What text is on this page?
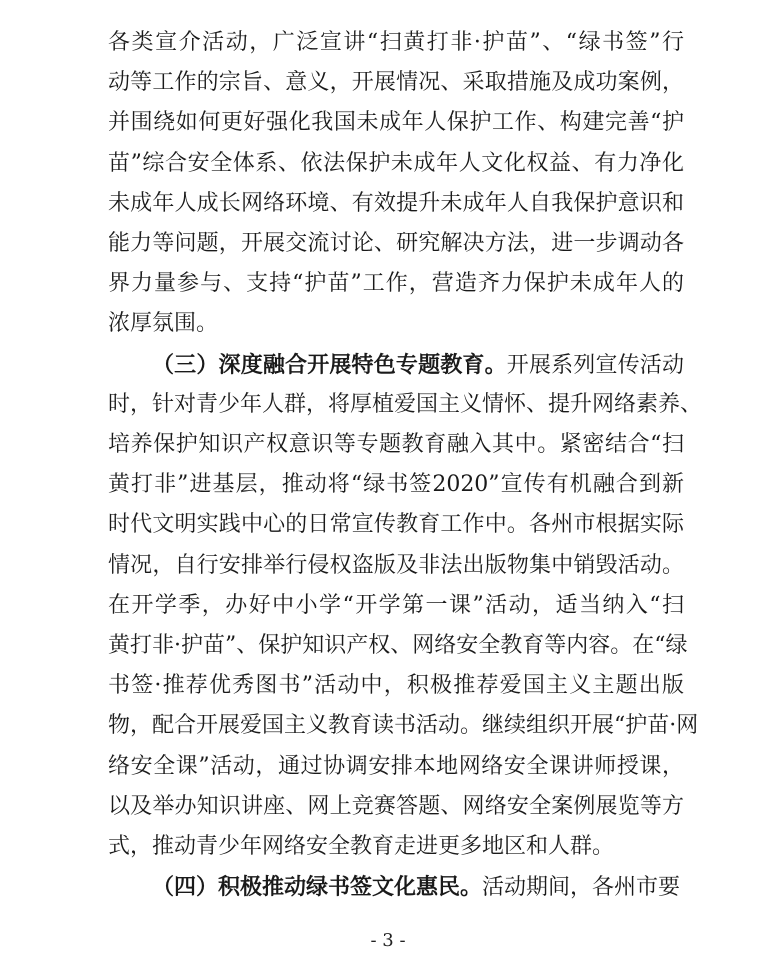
各类宣介活动，广泛宣讲“扫黄打非·护苗”、“绿书签”行
动等工作的宗旨、意义，开展情况、采取措施及成功案例，
并围绕如何更好强化我国未成年人保护工作、构建完善“护
苗”综合安全体系、依法保护未成年人文化权益、有力净化
未成年人成长网络环境、有效提升未成年人自我保护意识和
能力等问题，开展交流讨论、研究解决方法，进一步调动各
界力量参与、支持“护苗”工作，营造齐力保护未成年人的
浓厚氛围。
（三）深度融合开展特色专题教育。开展系列宣传活动
时，针对青少年人群，将厚植爱国主义情怀、提升网络素养、
培养保护知识产权意识等专题教育融入其中。紧密结合“扫
黄打非”进基层，推动将“绿书签2020”宣传有机融合到新
时代文明实践中心的日常宣传教育工作中。各州市根据实际
情况，自行安排举行侵权盗版及非法出版物集中销毁活动。
在开学季，办好中小学“开学第一课”活动，适当纳入“扫
黄打非·护苗”、保护知识产权、网络安全教育等内容。在“绿
书签·推荐优秀图书”活动中，积极推荐爱国主义主题出版
物，配合开展爱国主义教育读书活动。继续组织开展“护苗·网
络安全课”活动，通过协调安排本地网络安全课讲师授课，
以及举办知识讲座、网上竞赛答题、网络安全案例展览等方
式，推动青少年网络安全教育走进更多地区和人群。
（四）积极推动绿书签文化惠民。活动期间，各州市要
- 3 -
